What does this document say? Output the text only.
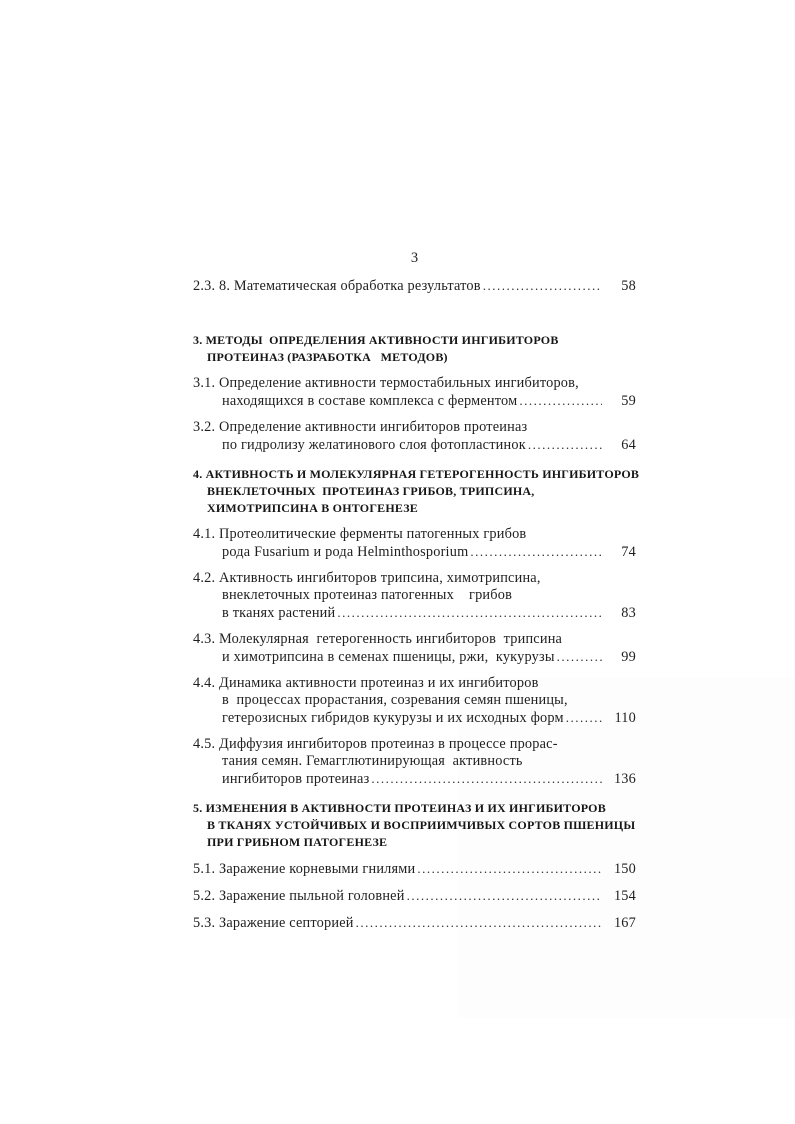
3
2.3. 8. Математическая обработка результатов .....	58
3. МЕТОДЫ  ОПРЕДЕЛЕНИЯ АКТИВНОСТИ ИНГИБИТОРОВ
ПРОТЕИНАЗ (РАЗРАБОТКА   МЕТОДОВ)
3.1. Определение активности термостабильных ингибиторов,
находящихся в составе комплекса с ферментом .....	59
3.2. Определение активности ингибиторов протеиназ
по гидролизу желатинового слоя фотопластинок .....	64
4. АКТИВНОСТЬ И МОЛЕКУЛЯРНАЯ ГЕТЕРОГЕННОСТЬ ИНГИБИТОРОВ
ВНЕКЛЕТОЧНЫХ  ПРОТЕИНАЗ ГРИБОВ, ТРИПСИНА,
ХИМОТРИПСИНА В ОНТОГЕНЕЗЕ
4.1. Протеолитические ферменты патогенных грибов
рода Fusarium и рода Helminthosporium .....	74
4.2. Активность ингибиторов трипсина, химотрипсина,
внеклеточных протеиназ патогенных    грибов
в тканях растений .....	83
4.3. Молекулярная  гетерогенность ингибиторов  трипсина
и химотрипсина в семенах пшеницы, ржи,  кукурузы .....	99
4.4. Динамика активности протеиназ и их ингибиторов
в  процессах прорастания, созревания семян пшеницы,
гетерозисных гибридов кукурузы и их исходных форм .....	110
4.5. Диффузия ингибиторов протеиназ в процессе прорас-
тания семян. Гемагглютинирующая  активность
ингибиторов протеиназ .....	136
5. ИЗМЕНЕНИЯ В АКТИВНОСТИ ПРОТЕИНАЗ И ИХ ИНГИБИТОРОВ
В ТКАНЯХ УСТОЙЧИВЫХ И ВОСПРИИМЧИВЫХ СОРТОВ ПШЕНИЦЫ
ПРИ ГРИБНОМ ПАТОГЕНЕЗЕ
5.1. Заражение корневыми гнилями .....	150
5.2. Заражение пыльной головней .....	154
5.3. Заражение септорией .....	167
